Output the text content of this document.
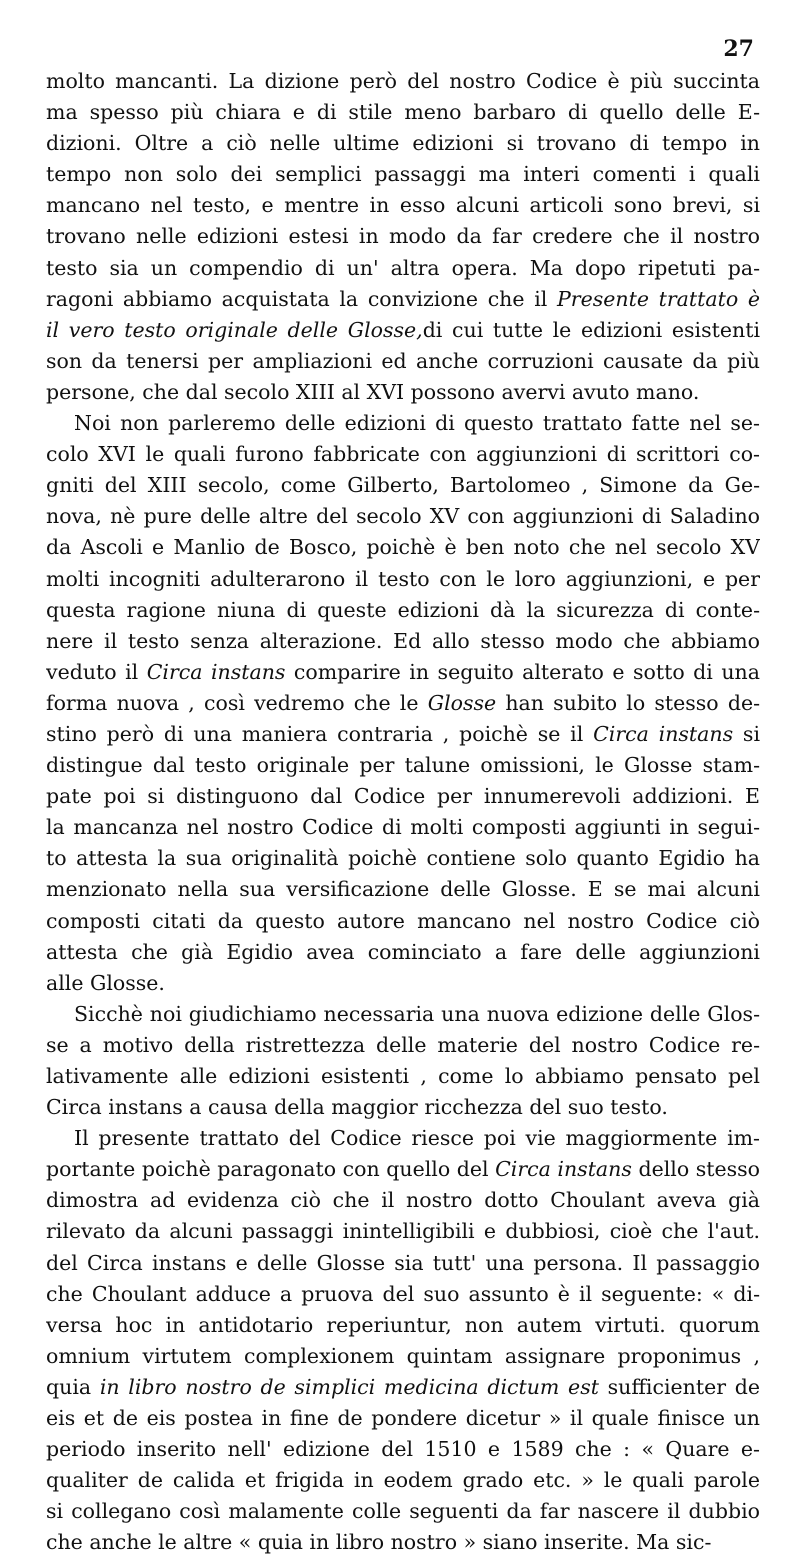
27

molto mancanti. La dizione però del nostro Codice è più succinta
ma spesso più chiara e di stile meno barbaro di quello delle E-
dizioni. Oltre a ciò nelle ultime edizioni si trovano di tempo in
tempo non solo dei semplici passaggi ma interi comenti i quali
mancano nel testo, e mentre in esso alcuni articoli sono brevi, si
trovano nelle edizioni estesi in modo da far credere che il nostro
testo sia un compendio di un' altra opera. Ma dopo ripetuti pa-
ragoni abbiamo acquistata la convizione che il Presente trattato è
il vero testo originale delle Glosse,di cui tutte le edizioni esistenti
son da tenersi per ampliazioni ed anche corruzioni causate da più
persone, che dal secolo XIII al XVI possono avervi avuto mano.

Noi non parleremo delle edizioni di questo trattato fatte nel se-
colo XVI le quali furono fabbricate con aggiunzioni di scrittori co-
gniti del XIII secolo, come Gilberto, Bartolomeo , Simone da Ge-
nova, nè pure delle altre del secolo XV con aggiunzioni di Saladino
da Ascoli e Manlio de Bosco, poichè è ben noto che nel secolo XV
molti incogniti adulterarono il testo con le loro aggiunzioni, e per
questa ragione niuna di queste edizioni dà la sicurezza di conte-
nere il testo senza alterazione. Ed allo stesso modo che abbiamo
veduto il Circa instans comparire in seguito alterato e sotto di una
forma nuova , così vedremo che le Glosse han subito lo stesso de-
stino però di una maniera contraria , poichè se il Circa instans si
distingue dal testo originale per talune omissioni, le Glosse stam-
pate poi si distinguono dal Codice per innumerevoli addizioni. E
la mancanza nel nostro Codice di molti composti aggiunti in segui-
to attesta la sua originalità poichè contiene solo quanto Egidio ha
menzionato nella sua versificazione delle Glosse. E se mai alcuni
composti citati da questo autore mancano nel nostro Codice ciò
attesta che già Egidio avea cominciato a fare delle aggiunzioni
alle Glosse.

Sicchè noi giudichiamo necessaria una nuova edizione delle Glos-
se a motivo della ristrettezza delle materie del nostro Codice re-
lativamente alle edizioni esistenti , come lo abbiamo pensato pel
Circa instans a causa della maggior ricchezza del suo testo.

Il presente trattato del Codice riesce poi vie maggiormente im-
portante poichè paragonato con quello del Circa instans dello stesso
dimostra ad evidenza ciò che il nostro dotto Choulant aveva già
rilevato da alcuni passaggi inintelligibili e dubbiosi, cioè che l'aut.
del Circa instans e delle Glosse sia tutt' una persona. Il passaggio
che Choulant adduce a pruova del suo assunto è il seguente: « di-
versa hoc in antidotario reperiuntur, non autem virtuti. quorum
omnium virtutem complexionem quintam assignare proponimus ,
quia in libro nostro de simplici medicina dictum est sufficienter de
eis et de eis postea in fine de pondere dicetur » il quale finisce un
periodo inserito nell' edizione del 1510 e 1589 che : « Quare e-
qualiter de calida et frigida in eodem grado etc. » le quali parole
si collegano così malamente colle seguenti da far nascere il dubbio
che anche le altre « quia in libro nostro » siano inserite. Ma sic-
